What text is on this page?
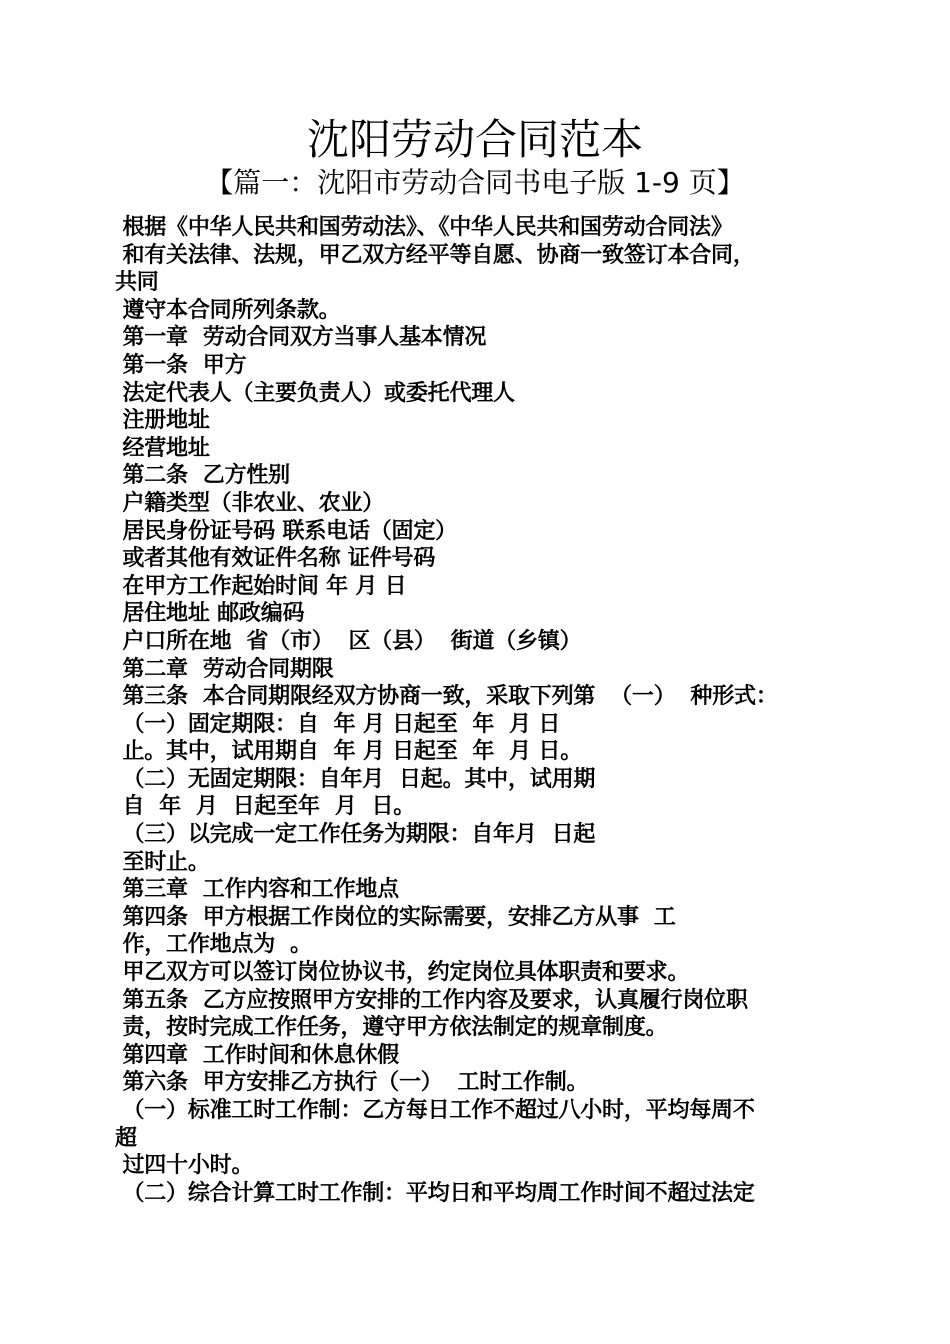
沈阳劳动合同范本
【篇一：沈阳市劳动合同书电子版 1-9 页】
根据《中华人民共和国劳动法》、《中华人民共和国劳动合同法》
和有关法律、法规，甲乙双方经平等自愿、协商一致签订本合同，
共同
遵守本合同所列条款。
第一章  劳动合同双方当事人基本情况
第一条  甲方
法定代表人（主要负责人）或委托代理人
注册地址
经营地址
第二条  乙方性别
户籍类型（非农业、农业）
居民身份证号码 联系电话（固定）
或者其他有效证件名称 证件号码
在甲方工作起始时间 年 月 日
居住地址 邮政编码
户口所在地  省（市）  区（县）  街道（乡镇）
第二章  劳动合同期限
第三条  本合同期限经双方协商一致，采取下列第  （一）  种形式：
（一）固定期限：自  年 月 日起至  年  月 日
止。其中，试用期自  年 月 日起至  年  月 日。
（二）无固定期限：自年月  日起。其中，试用期
自  年  月  日起至年  月  日。
（三）以完成一定工作任务为期限：自年月  日起
至时止。
第三章  工作内容和工作地点
第四条  甲方根据工作岗位的实际需要，安排乙方从事  工
作，工作地点为  。
甲乙双方可以签订岗位协议书，约定岗位具体职责和要求。
第五条  乙方应按照甲方安排的工作内容及要求，认真履行岗位职
责，按时完成工作任务，遵守甲方依法制定的规章制度。
第四章  工作时间和休息休假
第六条  甲方安排乙方执行（一）  工时工作制。
（一）标准工时工作制：乙方每日工作不超过八小时，平均每周不
超
过四十小时。
（二）综合计算工时工作制：平均日和平均周工作时间不超过法定
